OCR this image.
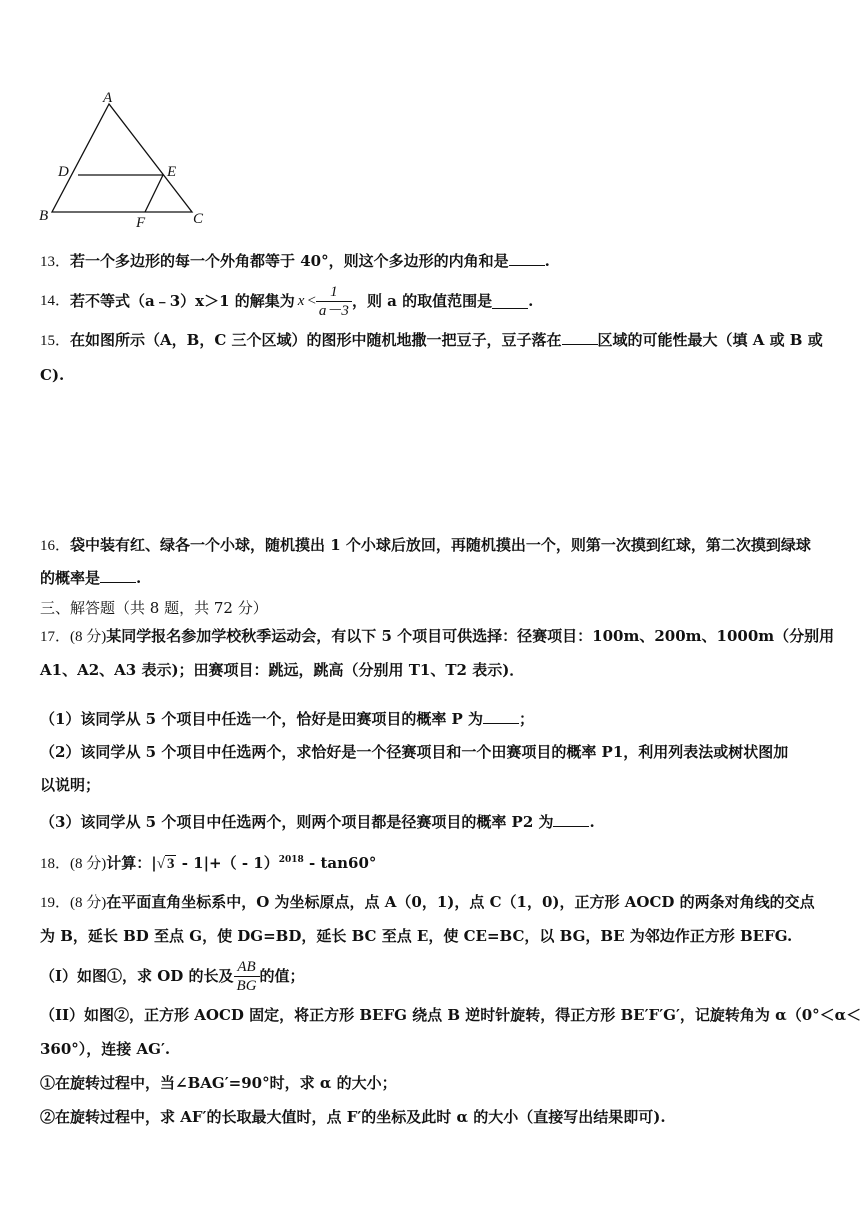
A
D	E
B	F	C
13．若一个多边形的每一个外角都等于 40°，则这个多边形的内角和是 .
14． 若不等式（a﹣3）x＞1 的解集为 $x < \frac{1}{a-3}$ ，则 a 的取值范围是 .
15．在如图所示（A，B，C 三个区域）的图形中随机地撒一把豆子，豆子落在 区域的可能性最大（填 A 或 B 或
C).
16．袋中装有红、绿各一个小球，随机摸出 1 个小球后放回，再随机摸出一个，则第一次摸到红球，第二次摸到绿球
的概率是 .
三、解答题（共 8 题，共 72 分）
17．(8 分)某同学报名参加学校秋季运动会，有以下 5 个项目可供选择：径赛项目：100m、200m、1000m（分别用
A1、A2、A3 表示)；田赛项目：跳远，跳高（分别用 T1、T2 表示)．
（1）该同学从 5 个项目中任选一个，恰好是田赛项目的概率 P 为 ；
（2）该同学从 5 个项目中任选两个，求恰好是一个径赛项目和一个田赛项目的概率 P1，利用列表法或树状图加
以说明；
（3）该同学从 5 个项目中任选两个，则两个项目都是径赛项目的概率 P2 为 .
18．(8 分)计算：|√ 3 - 1|+（ - 1）$^{2018}$ - tan60°
19．(8 分)在平面直角坐标系中，O 为坐标原点，点 A（0，1)，点 C（1，0)，正方形 AOCD 的两条对角线的交点
为 B，延长 BD 至点 G，使 DG=BD，延长 BC 至点 E，使 CE=BC，以 BG，BE 为邻边作正方形 BEFG.
（I）如图①，求 OD 的长及 $\frac{AB}{BG}$ 的值；
（II）如图②，正方形 AOCD 固定，将正方形 BEFG 绕点 B 逆时针旋转，得正方形 BE′F′G′，记旋转角为 α（0°＜α＜
360°），连接 AG′.
①在旋转过程中，当∠BAG′=90°时，求 α 的大小；
②在旋转过程中，求 AF′的长取最大值时，点 F′的坐标及此时 α 的大小（直接写出结果即可).
